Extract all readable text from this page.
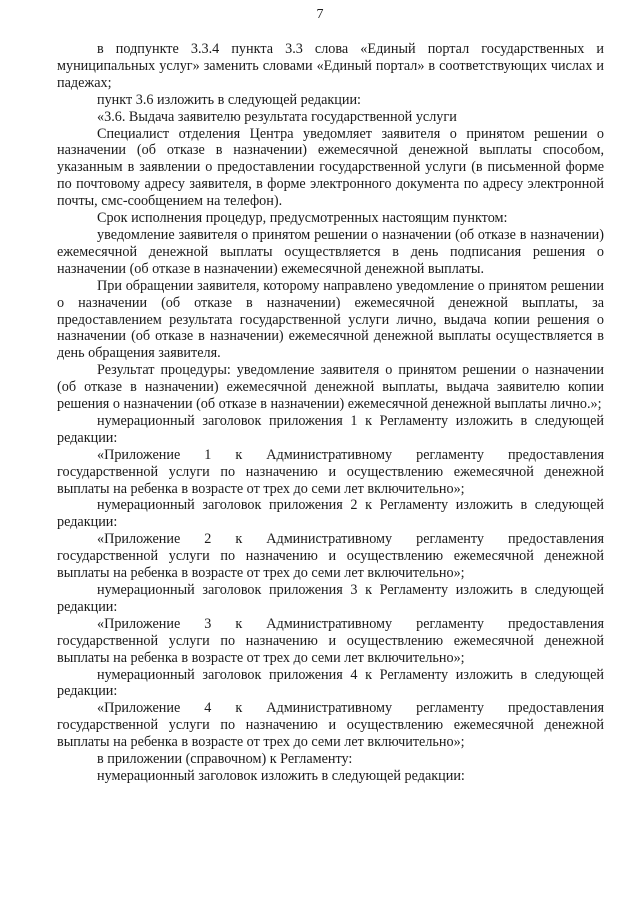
7

в подпункте 3.3.4 пункта 3.3 слова «Единый портал государственных и муниципальных услуг» заменить словами «Единый портал» в соответствующих числах и падежах;

пункт 3.6 изложить в следующей редакции:

«3.6. Выдача заявителю результата государственной услуги

Специалист отделения Центра уведомляет заявителя о принятом решении о назначении (об отказе в назначении) ежемесячной денежной выплаты способом, указанным в заявлении о предоставлении государственной услуги (в письменной форме по почтовому адресу заявителя, в форме электронного документа по адресу электронной почты, смс-сообщением на телефон).

Срок исполнения процедур, предусмотренных настоящим пунктом:

уведомление заявителя о принятом решении о назначении (об отказе в назначении) ежемесячной денежной выплаты осуществляется в день подписания решения о назначении (об отказе в назначении) ежемесячной денежной выплаты.

При обращении заявителя, которому направлено уведомление о принятом решении о назначении (об отказе в назначении) ежемесячной денежной выплаты, за предоставлением результата государственной услуги лично, выдача копии решения о назначении (об отказе в назначении) ежемесячной денежной выплаты осуществляется в день обращения заявителя.

Результат процедуры: уведомление заявителя о принятом решении о назначении (об отказе в назначении) ежемесячной денежной выплаты, выдача заявителю копии решения о назначении (об отказе в назначении) ежемесячной денежной выплаты лично.»;

нумерационный заголовок приложения 1 к Регламенту изложить в следующей редакции:

«Приложение 1 к Административному регламенту предоставления государственной услуги по назначению и осуществлению ежемесячной денежной выплаты на ребенка в возрасте от трех до семи лет включительно»;

нумерационный заголовок приложения 2 к Регламенту изложить в следующей редакции:

«Приложение 2 к Административному регламенту предоставления государственной услуги по назначению и осуществлению ежемесячной денежной выплаты на ребенка в возрасте от трех до семи лет включительно»;

нумерационный заголовок приложения 3 к Регламенту изложить в следующей редакции:

«Приложение 3 к Административному регламенту предоставления государственной услуги по назначению и осуществлению ежемесячной денежной выплаты на ребенка в возрасте от трех до семи лет включительно»;

нумерационный заголовок приложения 4 к Регламенту изложить в следующей редакции:

«Приложение 4 к Административному регламенту предоставления государственной услуги по назначению и осуществлению ежемесячной денежной выплаты на ребенка в возрасте от трех до семи лет включительно»;

в приложении (справочном) к Регламенту:

нумерационный заголовок изложить в следующей редакции:
